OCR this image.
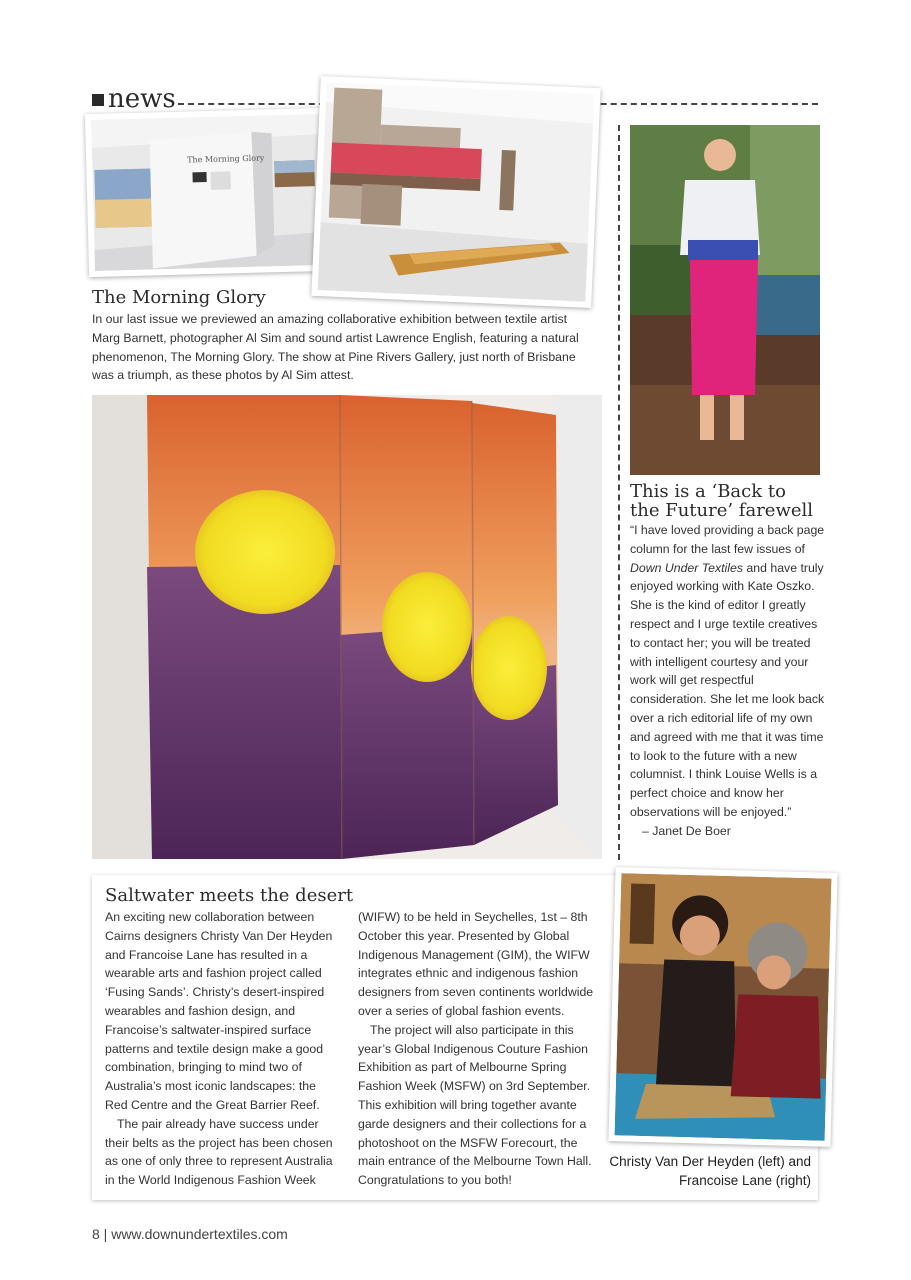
news
The Morning Glory
The Morning Glory
In our last issue we previewed an amazing collaborative exhibition between textile artist Marg Barnett, photographer Al Sim and sound artist Lawrence English, featuring a natural phenomenon, The Morning Glory. The show at Pine Rivers Gallery, just north of Brisbane was a triumph, as these photos by Al Sim attest.
This is a ‘Back to
the Future’ farewell

“I have loved providing a back page column for the last few issues of Down Under Textiles and have truly enjoyed working with Kate Oszko. She is the kind of editor I greatly respect and I urge textile creatives to contact her; you will be treated with intelligent courtesy and your work will get respectful consideration. She let me look back over a rich editorial life of my own and agreed with me that it was time to look to the future with a new columnist. I think Louise Wells is a perfect choice and know her observations will be enjoyed.”

– Janet De Boer

Saltwater meets the desert

An exciting new collaboration between Cairns designers Christy Van Der Heyden and Francoise Lane has resulted in a wearable arts and fashion project called ‘Fusing Sands’. Christy’s desert-inspired wearables and fashion design, and Francoise’s saltwater-inspired surface patterns and textile design make a good combination, bringing to mind two of Australia’s most iconic landscapes: the Red Centre and the Great Barrier Reef.

The pair already have success under their belts as the project has been chosen as one of only three to represent Australia in the World Indigenous Fashion Week

(WIFW) to be held in Seychelles, 1st – 8th October this year. Presented by Global Indigenous Management (GIM), the WIFW integrates ethnic and indigenous fashion designers from seven continents worldwide over a series of global fashion events.

The project will also participate in this year’s Global Indigenous Couture Fashion Exhibition as part of Melbourne Spring Fashion Week (MSFW) on 3rd September. This exhibition will bring together avante garde designers and their collections for a photoshoot on the MSFW Forecourt, the main entrance of the Melbourne Town Hall. Congratulations to you both!

Christy Van Der Heyden (left) and
Francoise Lane (right)
8 | www.downundertextiles.com
